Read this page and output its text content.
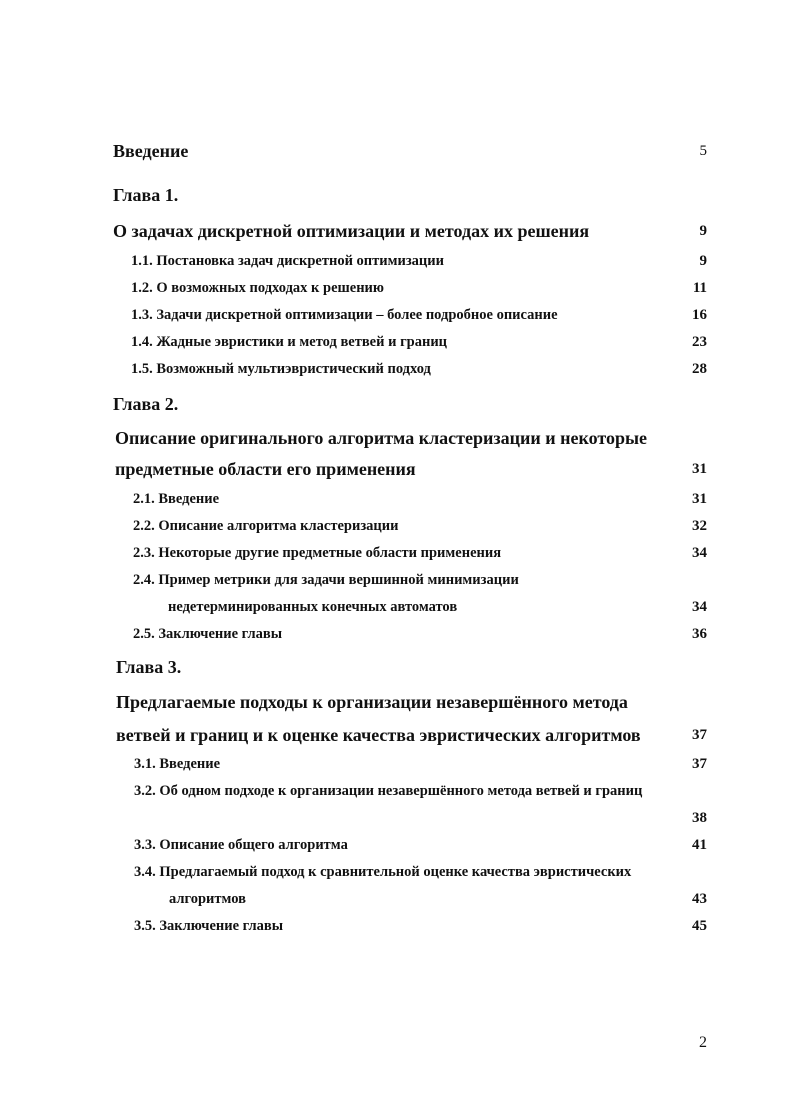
Введение	5
Глава 1.
О задачах дискретной оптимизации и методах их решения	9
1.1. Постановка задач дискретной оптимизации	9
1.2. О возможных подходах к решению	11
1.3. Задачи дискретной оптимизации – более подробное описание	16
1.4. Жадные эвристики и метод ветвей и границ	23
1.5. Возможный мультиэвристический подход	28
Глава 2.
Описание оригинального алгоритма кластеризации и некоторые
предметные области его применения	31
2.1. Введение	31
2.2. Описание алгоритма кластеризации	32
2.3. Некоторые другие предметные области применения	34
2.4. Пример метрики для задачи вершинной минимизации
недетерминированных конечных автоматов	34
2.5. Заключение главы	36
Глава 3.
Предлагаемые подходы к организации незавершённого метода
ветвей и границ и к оценке качества эвристических алгоритмов	37
3.1. Введение	37
3.2. Об одном подходе к организации незавершённого метода ветвей и границ
38
3.3. Описание общего алгоритма	41
3.4. Предлагаемый подход к сравнительной оценке качества эвристических
алгоритмов	43
3.5. Заключение главы	45
2
